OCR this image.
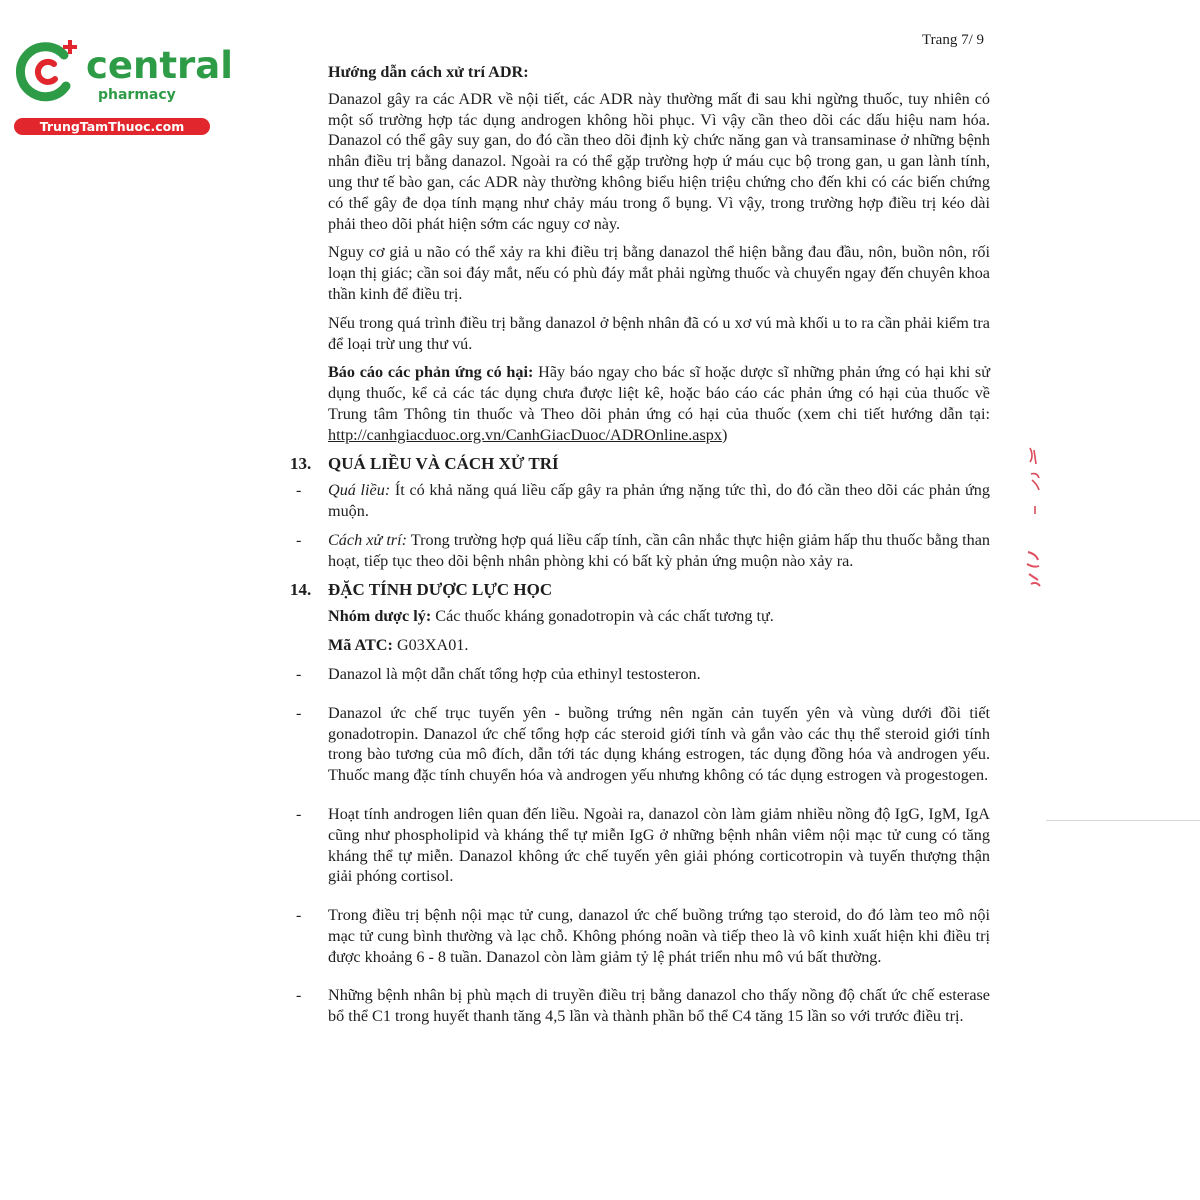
central
pharmacy
TrungTamThuoc.com
Trang 7/ 9

Hướng dẫn cách xử trí ADR:

Danazol gây ra các ADR về nội tiết, các ADR này thường mất đi sau khi ngừng thuốc, tuy nhiên có một số trường hợp tác dụng androgen không hồi phục. Vì vậy cần theo dõi các dấu hiệu nam hóa. Danazol có thể gây suy gan, do đó cần theo dõi định kỳ chức năng gan và transaminase ở những bệnh nhân điều trị bằng danazol. Ngoài ra có thể gặp trường hợp ứ máu cục bộ trong gan, u gan lành tính, ung thư tế bào gan, các ADR này thường không biểu hiện triệu chứng cho đến khi có các biến chứng có thể gây đe dọa tính mạng như chảy máu trong ổ bụng. Vì vậy, trong trường hợp điều trị kéo dài phải theo dõi phát hiện sớm các nguy cơ này.

Nguy cơ giả u não có thể xảy ra khi điều trị bằng danazol thể hiện bằng đau đầu, nôn, buồn nôn, rối loạn thị giác; cần soi đáy mắt, nếu có phù đáy mắt phải ngừng thuốc và chuyển ngay đến chuyên khoa thần kinh để điều trị.

Nếu trong quá trình điều trị bằng danazol ở bệnh nhân đã có u xơ vú mà khối u to ra cần phải kiểm tra để loại trừ ung thư vú.

Báo cáo các phản ứng có hại: Hãy báo ngay cho bác sĩ hoặc dược sĩ những phản ứng có hại khi sử dụng thuốc, kể cả các tác dụng chưa được liệt kê, hoặc báo cáo các phản ứng có hại của thuốc về Trung tâm Thông tin thuốc và Theo dõi phản ứng có hại của thuốc (xem chi tiết hướng dẫn tại: http://canhgiacduoc.org.vn/CanhGiacDuoc/ADROnline.aspx)

13. QUÁ LIỀU VÀ CÁCH XỬ TRÍ
-	Quá liều: Ít có khả năng quá liều cấp gây ra phản ứng nặng tức thì, do đó cần theo dõi các phản ứng muộn.
-	Cách xử trí: Trong trường hợp quá liều cấp tính, cần cân nhắc thực hiện giảm hấp thu thuốc bằng than hoạt, tiếp tục theo dõi bệnh nhân phòng khi có bất kỳ phản ứng muộn nào xảy ra.
14. ĐẶC TÍNH DƯỢC LỰC HỌC

Nhóm dược lý: Các thuốc kháng gonadotropin và các chất tương tự.

Mã ATC: G03XA01.

-	Danazol là một dẫn chất tổng hợp của ethinyl testosteron.
-	Danazol ức chế trục tuyến yên - buồng trứng nên ngăn cản tuyến yên và vùng dưới đồi tiết gonadotropin. Danazol ức chế tổng hợp các steroid giới tính và gắn vào các thụ thể steroid giới tính trong bào tương của mô đích, dẫn tới tác dụng kháng estrogen, tác dụng đồng hóa và androgen yếu. Thuốc mang đặc tính chuyển hóa và androgen yếu nhưng không có tác dụng estrogen và progestogen.
-	Hoạt tính androgen liên quan đến liều. Ngoài ra, danazol còn làm giảm nhiều nồng độ IgG, IgM, IgA cũng như phospholipid và kháng thể tự miễn IgG ở những bệnh nhân viêm nội mạc tử cung có tăng kháng thể tự miễn. Danazol không ức chế tuyến yên giải phóng corticotropin và tuyến thượng thận giải phóng cortisol.
-	Trong điều trị bệnh nội mạc tử cung, danazol ức chế buồng trứng tạo steroid, do đó làm teo mô nội mạc tử cung bình thường và lạc chỗ. Không phóng noãn và tiếp theo là vô kinh xuất hiện khi điều trị được khoảng 6 - 8 tuần. Danazol còn làm giảm tỷ lệ phát triển nhu mô vú bất thường.
-	Những bệnh nhân bị phù mạch di truyền điều trị bằng danazol cho thấy nồng độ chất ức chế esterase bổ thể C1 trong huyết thanh tăng 4,5 lần và thành phần bổ thể C4 tăng 15 lần so với trước điều trị.
